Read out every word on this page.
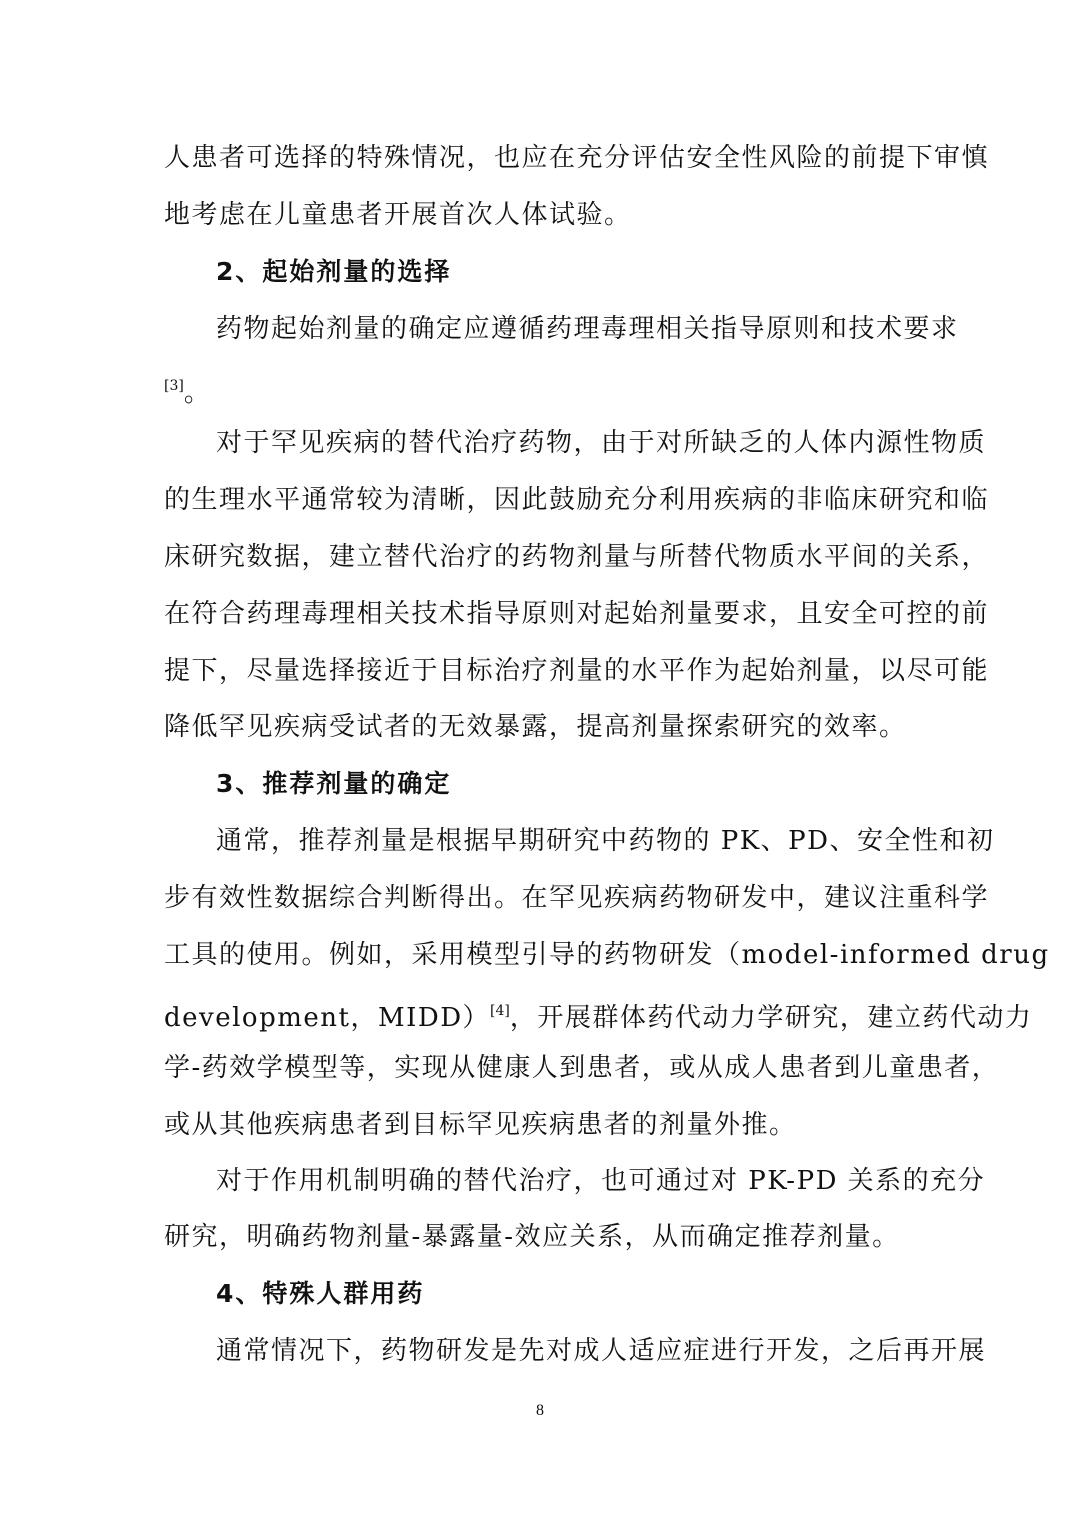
人患者可选择的特殊情况，也应在充分评估安全性风险的前提下审慎
地考虑在儿童患者开展首次人体试验。
2、起始剂量的选择
药物起始剂量的确定应遵循药理毒理相关指导原则和技术要求
[3]。
对于罕见疾病的替代治疗药物，由于对所缺乏的人体内源性物质
的生理水平通常较为清晰，因此鼓励充分利用疾病的非临床研究和临
床研究数据，建立替代治疗的药物剂量与所替代物质水平间的关系，
在符合药理毒理相关技术指导原则对起始剂量要求，且安全可控的前
提下，尽量选择接近于目标治疗剂量的水平作为起始剂量，以尽可能
降低罕见疾病受试者的无效暴露，提高剂量探索研究的效率。
3、推荐剂量的确定
通常，推荐剂量是根据早期研究中药物的 PK、PD、安全性和初
步有效性数据综合判断得出。在罕见疾病药物研发中，建议注重科学
工具的使用。例如，采用模型引导的药物研发（model-informed drug
development，MIDD）[4]，开展群体药代动力学研究，建立药代动力
学-药效学模型等，实现从健康人到患者，或从成人患者到儿童患者，
或从其他疾病患者到目标罕见疾病患者的剂量外推。
对于作用机制明确的替代治疗，也可通过对 PK-PD 关系的充分
研究，明确药物剂量-暴露量-效应关系，从而确定推荐剂量。
4、特殊人群用药
通常情况下，药物研发是先对成人适应症进行开发，之后再开展
8
